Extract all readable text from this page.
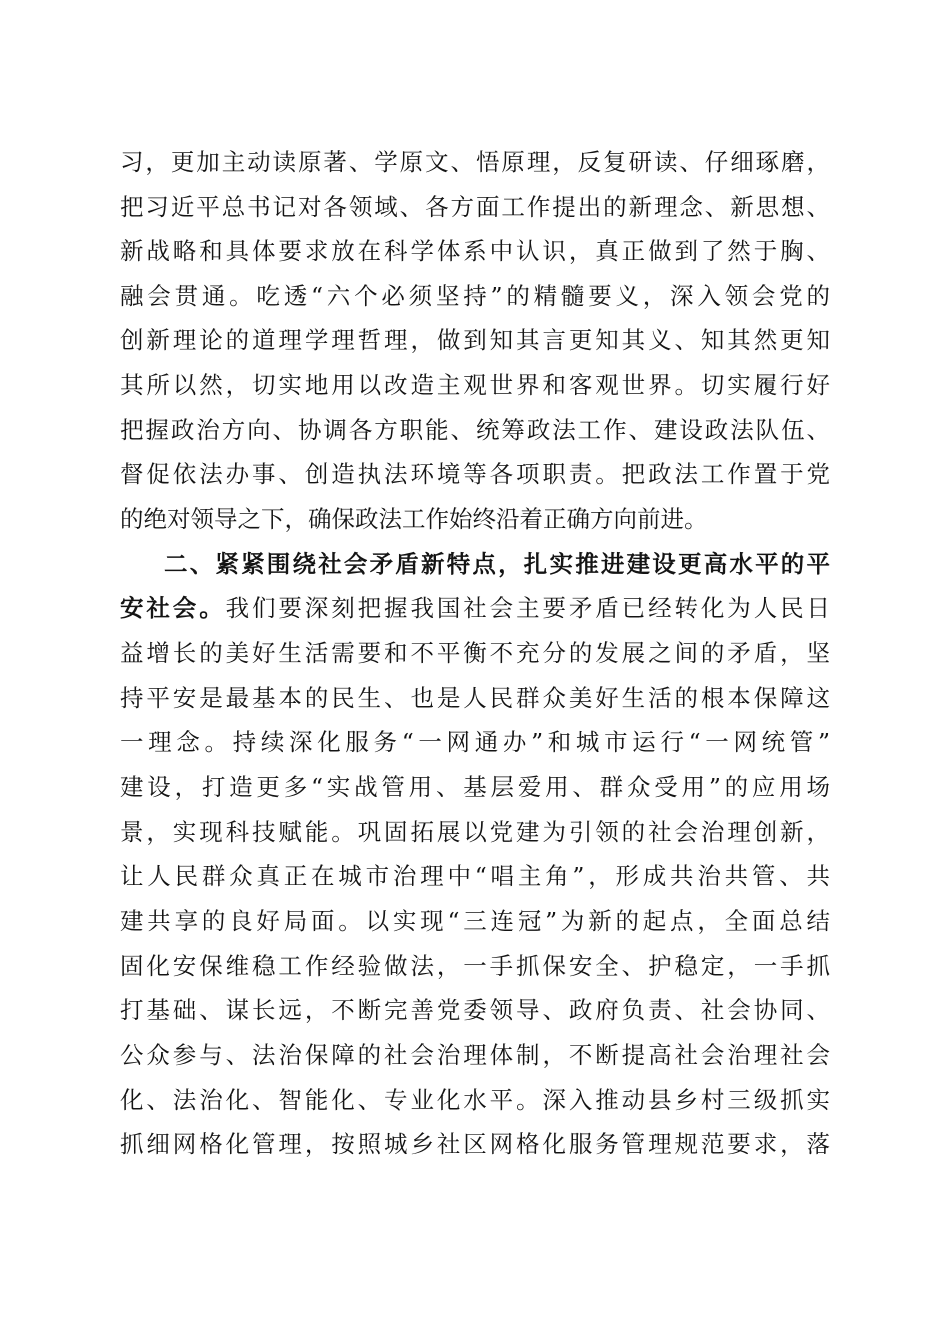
习，更加主动读原著、学原文、悟原理，反复研读、仔细琢磨，
把习近平总书记对各领域、各方面工作提出的新理念、新思想、
新战略和具体要求放在科学体系中认识，真正做到了然于胸、
融会贯通。吃透“六个必须坚持”的精髓要义，深入领会党的
创新理论的道理学理哲理，做到知其言更知其义、知其然更知
其所以然，切实地用以改造主观世界和客观世界。切实履行好
把握政治方向、协调各方职能、统筹政法工作、建设政法队伍、
督促依法办事、创造执法环境等各项职责。把政法工作置于党
的绝对领导之下，确保政法工作始终沿着正确方向前进。
二、紧紧围绕社会矛盾新特点，扎实推进建设更高水平的平
安社会。我们要深刻把握我国社会主要矛盾已经转化为人民日
益增长的美好生活需要和不平衡不充分的发展之间的矛盾，坚
持平安是最基本的民生、也是人民群众美好生活的根本保障这
一理念。持续深化服务“一网通办”和城市运行“一网统管”
建设，打造更多“实战管用、基层爱用、群众受用”的应用场
景，实现科技赋能。巩固拓展以党建为引领的社会治理创新，
让人民群众真正在城市治理中“唱主角”，形成共治共管、共
建共享的良好局面。以实现“三连冠”为新的起点，全面总结
固化安保维稳工作经验做法，一手抓保安全、护稳定，一手抓
打基础、谋长远，不断完善党委领导、政府负责、社会协同、
公众参与、法治保障的社会治理体制，不断提高社会治理社会
化、法治化、智能化、专业化水平。深入推动县乡村三级抓实
抓细网格化管理，按照城乡社区网格化服务管理规范要求，落
